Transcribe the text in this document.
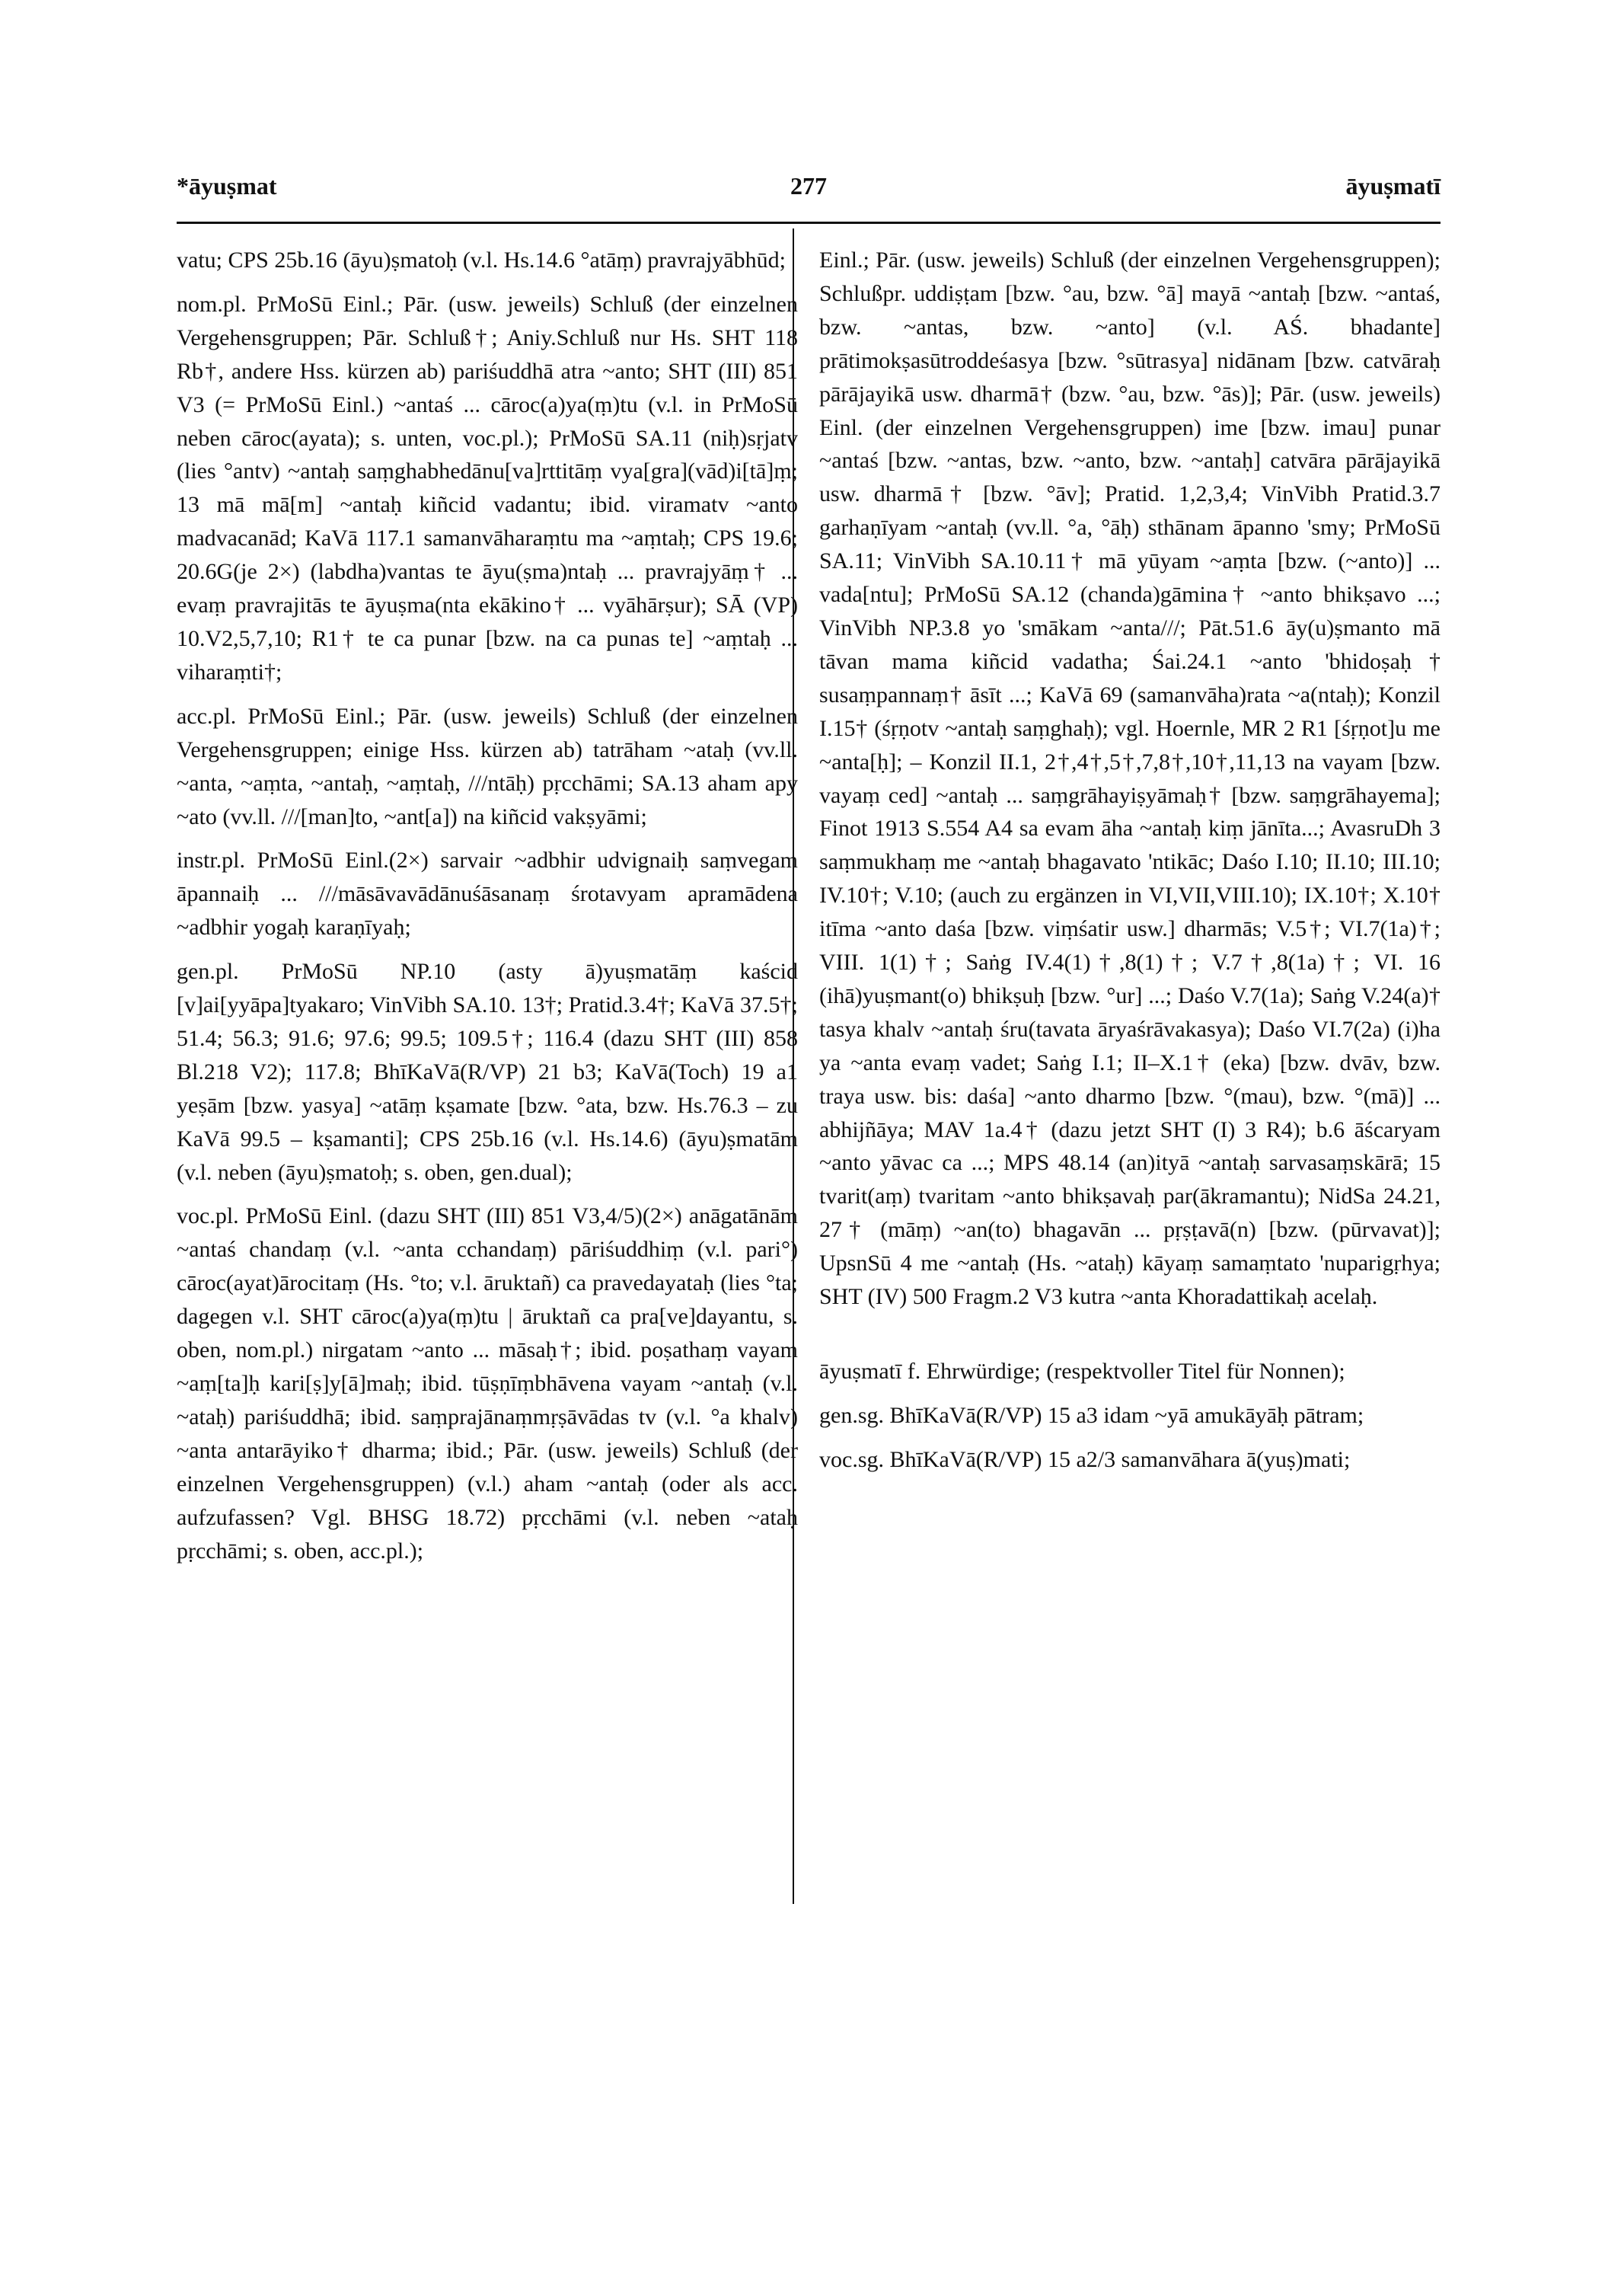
*āyuṣmat	277	āyuṣmatī

vatu; CPS 25b.16 (āyu)ṣmatoḥ (v.l. Hs.14.6 °atāṃ) pravrajyābhūd;

nom.pl. PrMoSū Einl.; Pār. (usw. jeweils) Schluß (der einzelnen Vergehensgruppen; Pār. Schluß†; Aniy.Schluß nur Hs. SHT 118 Rb†, andere Hss. kürzen ab) pariśuddhā atra ~anto; SHT (III) 851 V3 (= PrMoSū Einl.) ~antaś ... cāroc(a)ya(ṃ)tu (v.l. in PrMoSū neben cāroc(ayata); s. unten, voc.pl.); PrMoSū SA.11 (niḥ)sṛjatv (lies °antv) ~antaḥ saṃghabhedānu[va]rttitāṃ vya[gra](vād)i[tā]ṃ; 13 mā mā[m] ~antaḥ kiñcid vadantu; ibid. viramatv ~anto madvacanād; KaVā 117.1 samanvāharaṃtu ma ~aṃtaḥ; CPS 19.6; 20.6G(je 2×) (labdha)vantas te āyu(ṣma)ntaḥ ... pravrajyāṃ† ... evaṃ pravrajitās te āyuṣma(nta ekākino† ... vyāhārṣur); SĀ (VP) 10.V2,5,7,10; R1† te ca punar [bzw. na ca punas te] ~aṃtaḥ ... viharaṃti†;

acc.pl. PrMoSū Einl.; Pār. (usw. jeweils) Schluß (der einzelnen Vergehensgruppen; einige Hss. kürzen ab) tatrāham ~ataḥ (vv.ll. ~anta, ~aṃta, ~antaḥ, ~aṃtaḥ, ///ntāḥ) pṛcchāmi; SA.13 aham apy ~ato (vv.ll. ///[man]to, ~ant[a]) na kiñcid vakṣyāmi;

instr.pl. PrMoSū Einl.(2×) sarvair ~adbhir udvignaiḥ saṃvegam āpannaiḥ ... ///māsāvavādānuśāsanaṃ śrotavyam apramādena ~adbhir yogaḥ karaṇīyaḥ;

gen.pl. PrMoSū NP.10 (asty ā)yuṣmatāṃ kaścid [v]ai[yyāpa]tyakaro; VinVibh SA.10. 13†; Pratid.3.4†; KaVā 37.5†; 51.4; 56.3; 91.6; 97.6; 99.5; 109.5†; 116.4 (dazu SHT (III) 858 Bl.218 V2); 117.8; BhīKaVā(R/VP) 21 b3; KaVā(Toch) 19 a1 yeṣām [bzw. yasya] ~atāṃ kṣamate [bzw. °ata, bzw. Hs.76.3 – zu KaVā 99.5 – kṣamanti]; CPS 25b.16 (v.l. Hs.14.6) (āyu)ṣmatām (v.l. neben (āyu)ṣmatoḥ; s. oben, gen.dual);

voc.pl. PrMoSū Einl. (dazu SHT (III) 851 V3,4/5)(2×) anāgatānām ~antaś chandaṃ (v.l. ~anta cchandaṃ) pāriśuddhiṃ (v.l. pari°) cāroc(ayat)ārocitaṃ (Hs. °to; v.l. āruktañ) ca pravedayataḥ (lies °ta; dagegen v.l. SHT cāroc(a)ya(ṃ)tu | āruktañ ca pra[ve]dayantu, s. oben, nom.pl.) nirgatam ~anto ... māsaḥ†; ibid. poṣathaṃ vayam ~aṃ[ta]ḥ kari[ṣ]y[ā]maḥ; ibid. tūṣṇīṃbhāvena vayam ~antaḥ (v.l. ~ataḥ) pariśuddhā; ibid. saṃprajānaṃmṛṣāvādas tv (v.l. °a khalv) ~anta antarāyiko† dharma; ibid.; Pār. (usw. jeweils) Schluß (der einzelnen Vergehensgruppen) (v.l.) aham ~antaḥ (oder als acc. aufzufassen? Vgl. BHSG 18.72) pṛcchāmi (v.l. neben ~ataḥ pṛcchāmi; s. oben, acc.pl.);

Einl.; Pār. (usw. jeweils) Schluß (der einzelnen Vergehensgruppen); Schlußpr. uddiṣṭam [bzw. °au, bzw. °ā] mayā ~antaḥ [bzw. ~antaś, bzw. ~antas, bzw. ~anto] (v.l. AŚ. bhadante] prātimokṣasūtroddeśasya [bzw. °sūtrasya] nidānam [bzw. catvāraḥ pārājayikā usw. dharmā† (bzw. °au, bzw. °ās)]; Pār. (usw. jeweils) Einl. (der einzelnen Vergehensgruppen) ime [bzw. imau] punar ~antaś [bzw. ~antas, bzw. ~anto, bzw. ~antaḥ] catvāra pārājayikā usw. dharmā† [bzw. °āv]; Pratid. 1,2,3,4; VinVibh Pratid.3.7 garhaṇīyam ~antaḥ (vv.ll. °a, °āḥ) sthānam āpanno 'smy; PrMoSū SA.11; VinVibh SA.10.11† mā yūyam ~aṃta [bzw. (~anto)] ... vada[ntu]; PrMoSū SA.12 (chanda)gāmina† ~anto bhikṣavo ...; VinVibh NP.3.8 yo 'smākam ~anta///; Pāt.51.6 āy(u)ṣmanto mā tāvan mama kiñcid vadatha; Śai.24.1 ~anto 'bhidoṣaḥ† susaṃpannaṃ† āsīt ...; KaVā 69 (samanvāha)rata ~a(ntaḥ); Konzil I.15† (śṛṇotv ~antaḥ saṃghaḥ); vgl. Hoernle, MR 2 R1 [śṛṇot]u me ~anta[ḥ]; – Konzil II.1, 2†,4†,5†,7,8†,10†,11,13 na vayam [bzw. vayaṃ ced] ~antaḥ ... saṃgrāhayiṣyāmaḥ† [bzw. saṃgrāhayema]; Finot 1913 S.554 A4 sa evam āha ~antaḥ kiṃ jānīta...; AvasruDh 3 saṃmukhaṃ me ~antaḥ bhagavato 'ntikāc; Daśo I.10; II.10; III.10; IV.10†; V.10; (auch zu ergänzen in VI,VII,VIII.10); IX.10†; X.10† itīma ~anto daśa [bzw. viṃśatir usw.] dharmās; V.5†; VI.7(1a)†; VIII. 1(1)†; Saṅg IV.4(1)†,8(1)†; V.7†,8(1a)†; VI. 16 (ihā)yuṣmant(o) bhikṣuḥ [bzw. °ur] ...; Daśo V.7(1a); Saṅg V.24(a)† tasya khalv ~antaḥ śru(tavata āryaśrāvakasya); Daśo VI.7(2a) (i)ha ya ~anta evaṃ vadet; Saṅg I.1; II–X.1† (eka) [bzw. dvāv, bzw. traya usw. bis: daśa] ~anto dharmo [bzw. °(mau), bzw. °(mā)] ... abhijñāya; MAV 1a.4† (dazu jetzt SHT (I) 3 R4); b.6 āścaryam ~anto yāvac ca ...; MPS 48.14 (an)ityā ~antaḥ sarvasaṃskārā; 15 tvarit(aṃ) tvaritam ~anto bhikṣavaḥ par(ākramantu); NidSa 24.21, 27† (māṃ) ~an(to) bhagavān ... pṛṣṭavā(n) [bzw. (pūrvavat)]; UpsnSū 4 me ~antaḥ (Hs. ~ataḥ) kāyaṃ samaṃtato 'nuparigṛhya; SHT (IV) 500 Fragm.2 V3 kutra ~anta Khoradattikaḥ acelaḥ.

āyuṣmatī f. Ehrwürdige; (respektvoller Titel für Nonnen);

gen.sg. BhīKaVā(R/VP) 15 a3 idam ~yā amukāyāḥ pātram;

voc.sg. BhīKaVā(R/VP) 15 a2/3 samanvāhara ā(yuṣ)mati;
